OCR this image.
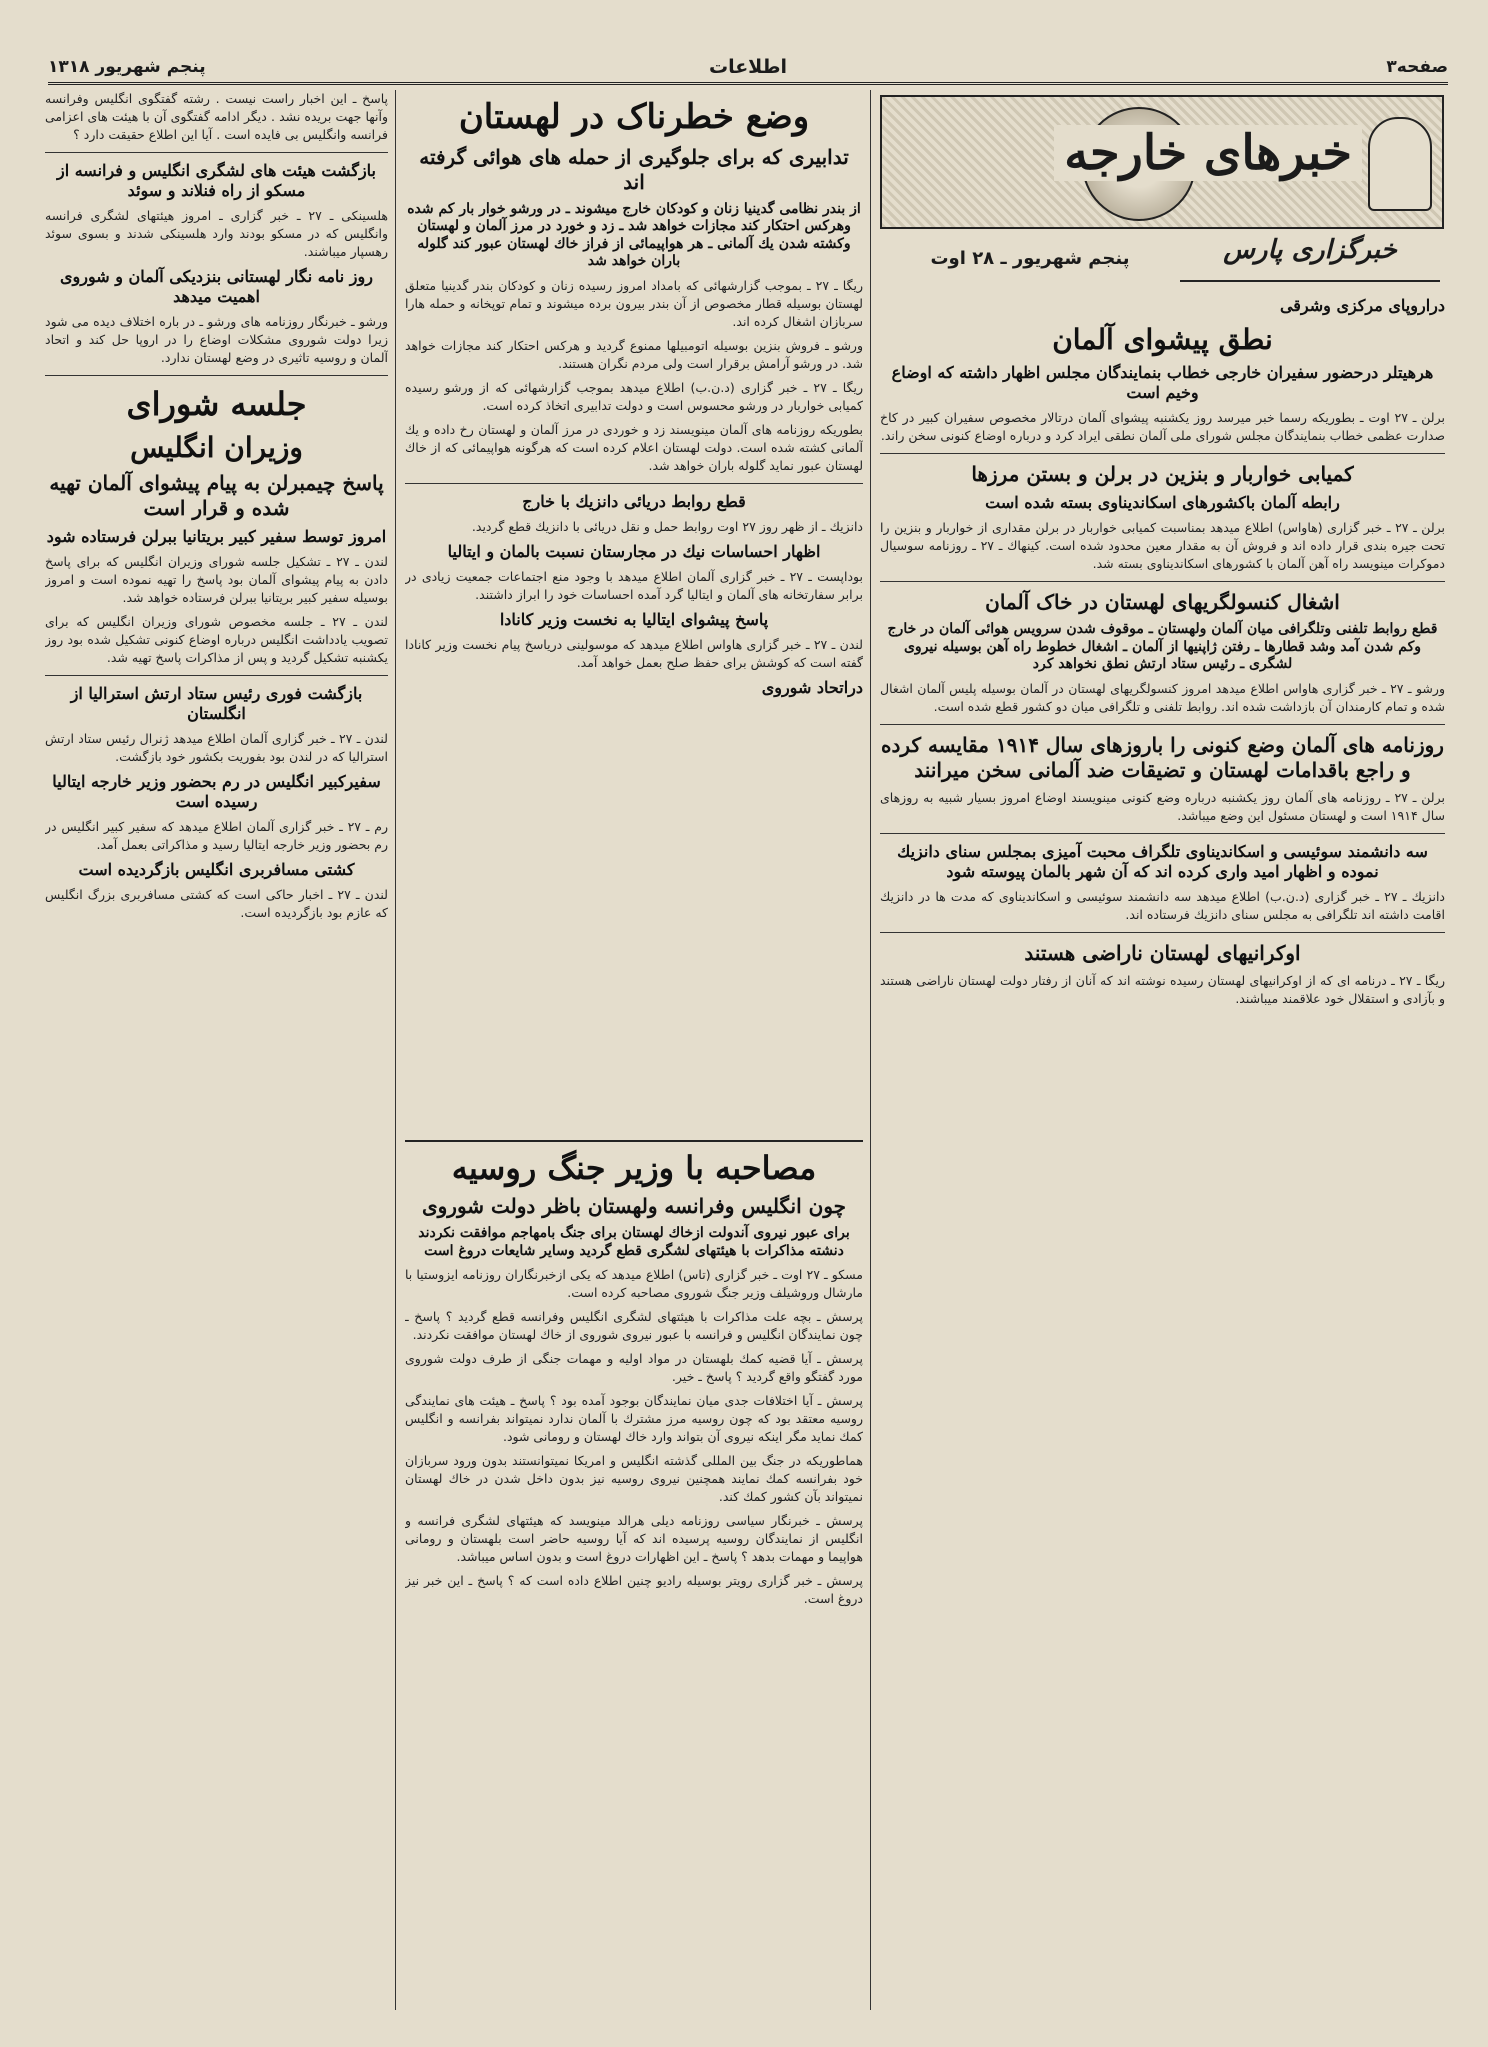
صفحه۳
اطلاعات
پنجم شهریور ۱۳۱۸
خبرهای خارجه
خبرگزاری پارس
پنجم شهریور ـ ۲۸ اوت
دراروپای مرکزی وشرقی
نطق پیشوای آلمان
هرهیتلر درحضور سفیران خارجی خطاب بنمایندگان مجلس اظهار داشته که اوضاع وخیم است

برلن ـ ۲۷ اوت ـ بطوریکه رسما خبر میرسد روز یکشنبه پیشوای آلمان درتالار مخصوص سفیران کبیر در کاخ صدارت عظمی خطاب بنمایندگان مجلس شورای ملی آلمان نطقی ایراد کرد و درباره اوضاع کنونی سخن راند.

کمیابی خواربار و بنزین در برلن و بستن مرزها
رابطه آلمان باکشورهای اسکاندیناوی بسته شده است

برلن ـ ۲۷ ـ خبر گزاری (هاواس) اطلاع میدهد بمناسبت کمیابی خواربار در برلن مقداری از خواربار و بنزین را تحت جیره بندی قرار داده اند و فروش آن به مقدار معین محدود شده است. کینهاك ـ ۲۷ ـ روزنامه سوسیال دموکرات مینویسد راه آهن آلمان با کشورهای اسکاندیناوی بسته شد.

اشغال کنسولگریهای لهستان در خاک آلمان
قطع روابط تلفنی وتلگرافی میان آلمان ولهستان ـ موقوف شدن سرویس هوائی آلمان در خارج وکم شدن آمد وشد قطارها ـ رفتن ژاپنیها از آلمان ـ اشغال خطوط راه آهن بوسیله نیروی لشگری ـ رئیس ستاد ارتش نطق نخواهد کرد

ورشو ـ ۲۷ ـ خبر گزاری هاواس اطلاع میدهد امروز کنسولگریهای لهستان در آلمان بوسیله پلیس آلمان اشغال شده و تمام کارمندان آن بازداشت شده اند. روابط تلفنی و تلگرافی میان دو کشور قطع شده است.

روزنامه های آلمان وضع کنونی را باروزهای سال ۱۹۱۴ مقایسه کرده و راجع باقدامات لهستان و تضیقات ضد آلمانی سخن میرانند

برلن ـ ۲۷ ـ روزنامه های آلمان روز یکشنبه درباره وضع کنونی مینویسند اوضاع امروز بسیار شبیه به روزهای سال ۱۹۱۴ است و لهستان مسئول این وضع میباشد.

سه دانشمند سوئیسی و اسکاندیناوی تلگراف محبت آمیزی بمجلس سنای دانزیك نموده و اظهار امید واری کرده اند که آن شهر بالمان پیوسته شود

دانزیك ـ ۲۷ ـ خبر گزاری (د.ن.ب) اطلاع میدهد سه دانشمند سوئیسی و اسکاندیناوی که مدت ها در دانزیك اقامت داشته اند تلگرافی به مجلس سنای دانزیك فرستاده اند.

اوکرانیهای لهستان ناراضی هستند

ریگا ـ ۲۷ ـ درنامه ای که از اوکرانیهای لهستان رسیده نوشته اند که آنان از رفتار دولت لهستان ناراضی هستند و بآزادی و استقلال خود علاقمند میباشند.

وضع خطرناک در لهستان
تدابیری که برای جلوگیری از حمله های هوائی گرفته اند
از بندر نظامی گدینیا زنان و کودکان خارج میشوند ـ در ورشو خوار بار کم شده وهرکس احتکار کند مجازات خواهد شد ـ زد و خورد در مرز آلمان و لهستان وکشته شدن یك آلمانی ـ هر هواپیمائی از فراز خاك لهستان عبور کند گلوله باران خواهد شد

ریگا ـ ۲۷ ـ بموجب گزارشهائی که بامداد امروز رسیده زنان و کودکان بندر گدینیا متعلق لهستان بوسیله قطار مخصوص از آن بندر بیرون برده میشوند و تمام توپخانه و حمله هارا سربازان اشغال کرده اند.

ورشو ـ فروش بنزین بوسیله اتومبیلها ممنوع گردید و هرکس احتکار کند مجازات خواهد شد. در ورشو آرامش برقرار است ولی مردم نگران هستند.

ریگا ـ ۲۷ ـ خبر گزاری (د.ن.ب) اطلاع میدهد بموجب گزارشهائی که از ورشو رسیده کمیابی خواربار در ورشو محسوس است و دولت تدابیری اتخاذ کرده است.

بطوریکه روزنامه های آلمان مینویسند زد و خوردی در مرز آلمان و لهستان رخ داده و یك آلمانی کشته شده است. دولت لهستان اعلام کرده است که هرگونه هواپیمائی که از خاك لهستان عبور نماید گلوله باران خواهد شد.

قطع روابط دریائی دانزیك با خارج

دانزیك ـ از ظهر روز ۲۷ اوت روابط حمل و نقل دریائی با دانزیك قطع گردید.

اظهار احساسات نیك در مجارستان نسبت بالمان و ایتالیا

بوداپست ـ ۲۷ ـ خبر گزاری آلمان اطلاع میدهد با وجود منع اجتماعات جمعیت زیادی در برابر سفارتخانه های آلمان و ایتالیا گرد آمده احساسات خود را ابراز داشتند.

پاسخ پیشوای ایتالیا به نخست وزیر کانادا

لندن ـ ۲۷ ـ خبر گزاری هاواس اطلاع میدهد که موسولینی دریاسخ پیام نخست وزیر کانادا گفته است که کوشش برای حفظ صلح بعمل خواهد آمد.

دراتحاد شوروی
مصاحبه با وزیر جنگ روسیه
چون انگلیس وفرانسه ولهستان باظر دولت شوروی
برای عبور نیروی آندولت ازخاك لهستان برای جنگ بامهاجم موافقت نکردند دنشته مذاکرات با هیئتهای لشگری قطع گردید وسایر شایعات دروغ است

مسکو ـ ۲۷ اوت ـ خبر گزاری (تاس) اطلاع میدهد که یکی ازخبرنگاران روزنامه ایزوستیا با مارشال وروشیلف وزیر جنگ شوروی مصاحبه کرده است.

پرسش ـ بچه علت مذاکرات با هیئتهای لشگری انگلیس وفرانسه قطع گردید ؟ پاسخ ـ چون نمایندگان انگلیس و فرانسه با عبور نیروی شوروی از خاك لهستان موافقت نکردند.

پرسش ـ آیا قضیه کمك بلهستان در مواد اولیه و مهمات جنگی از طرف دولت شوروی مورد گفتگو واقع گردید ؟ پاسخ ـ خیر.

پرسش ـ آیا اختلافات جدی میان نمایندگان بوجود آمده بود ؟ پاسخ ـ هیئت های نمایندگی روسیه معتقد بود که چون روسیه مرز مشترك با آلمان ندارد نمیتواند بفرانسه و انگلیس کمك نماید مگر اینکه نیروی آن بتواند وارد خاك لهستان و رومانی شود.

هماطوریکه در جنگ بین المللی گذشته انگلیس و امریکا نمیتوانستند بدون ورود سربازان خود بفرانسه کمك نمایند همچنین نیروی روسیه نیز بدون داخل شدن در خاك لهستان نمیتواند بآن کشور کمك کند.

پرسش ـ خبرنگار سیاسی روزنامه دیلی هرالد مینویسد که هیئتهای لشگری فرانسه و انگلیس از نمایندگان روسیه پرسیده اند که آیا روسیه حاضر است بلهستان و رومانی هواپیما و مهمات بدهد ؟ پاسخ ـ این اظهارات دروغ است و بدون اساس میباشد.

پرسش ـ خبر گزاری رویتر بوسیله رادیو چنین اطلاع داده است که ؟ پاسخ ـ این خبر نیز دروغ است.

پاسخ ـ این اخبار راست نیست . رشته گفتگوی انگلیس وفرانسه وآنها جهت بریده نشد . دیگر ادامه گفتگوی آن با هیئت های اعزامی فرانسه وانگلیس بی فایده است . آیا این اطلاع حقیقت دارد ؟

بازگشت هیئت های لشگری انگلیس و فرانسه از مسکو از راه فنلاند و سوئد

هلسینکی ـ ۲۷ ـ خبر گزاری ـ امروز هیئتهای لشگری فرانسه وانگلیس که در مسکو بودند وارد هلسینکی شدند و بسوی سوئد رهسپار میباشند.

روز نامه نگار لهستانی بنزدیکی آلمان و شوروی اهمیت میدهد

ورشو ـ خبرنگار روزنامه های ورشو ـ در باره اختلاف دیده می شود زیرا دولت شوروی مشکلات اوضاع را در اروپا حل کند و اتحاد آلمان و روسیه تاثیری در وضع لهستان ندارد.

جلسه شورای
وزیران انگلیس
پاسخ چیمبرلن به پیام پیشوای آلمان تهیه شده و قرار است
امروز توسط سفیر کبیر بریتانیا ببرلن فرستاده شود

لندن ـ ۲۷ ـ تشکیل جلسه شورای وزیران انگلیس که برای پاسخ دادن به پیام پیشوای آلمان بود پاسخ را تهیه نموده است و امروز بوسیله سفیر کبیر بریتانیا ببرلن فرستاده خواهد شد.

لندن ـ ۲۷ ـ جلسه مخصوص شورای وزیران انگلیس که برای تصویب یادداشت انگلیس درباره اوضاع کنونی تشکیل شده بود روز یکشنبه تشکیل گردید و پس از مذاکرات پاسخ تهیه شد.

بازگشت فوری رئیس ستاد ارتش استرالیا از انگلستان

لندن ـ ۲۷ ـ خبر گزاری آلمان اطلاع میدهد ژنرال رئیس ستاد ارتش استرالیا که در لندن بود بفوریت بکشور خود بازگشت.

سفیرکبیر انگلیس در رم بحضور وزیر خارجه ایتالیا رسیده است

رم ـ ۲۷ ـ خبر گزاری آلمان اطلاع میدهد که سفیر کبیر انگلیس در رم بحضور وزیر خارجه ایتالیا رسید و مذاکراتی بعمل آمد.

کشتی مسافربری انگلیس بازگردیده است

لندن ـ ۲۷ ـ اخبار حاکی است که کشتی مسافربری بزرگ انگلیس که عازم بود بازگردیده است.
